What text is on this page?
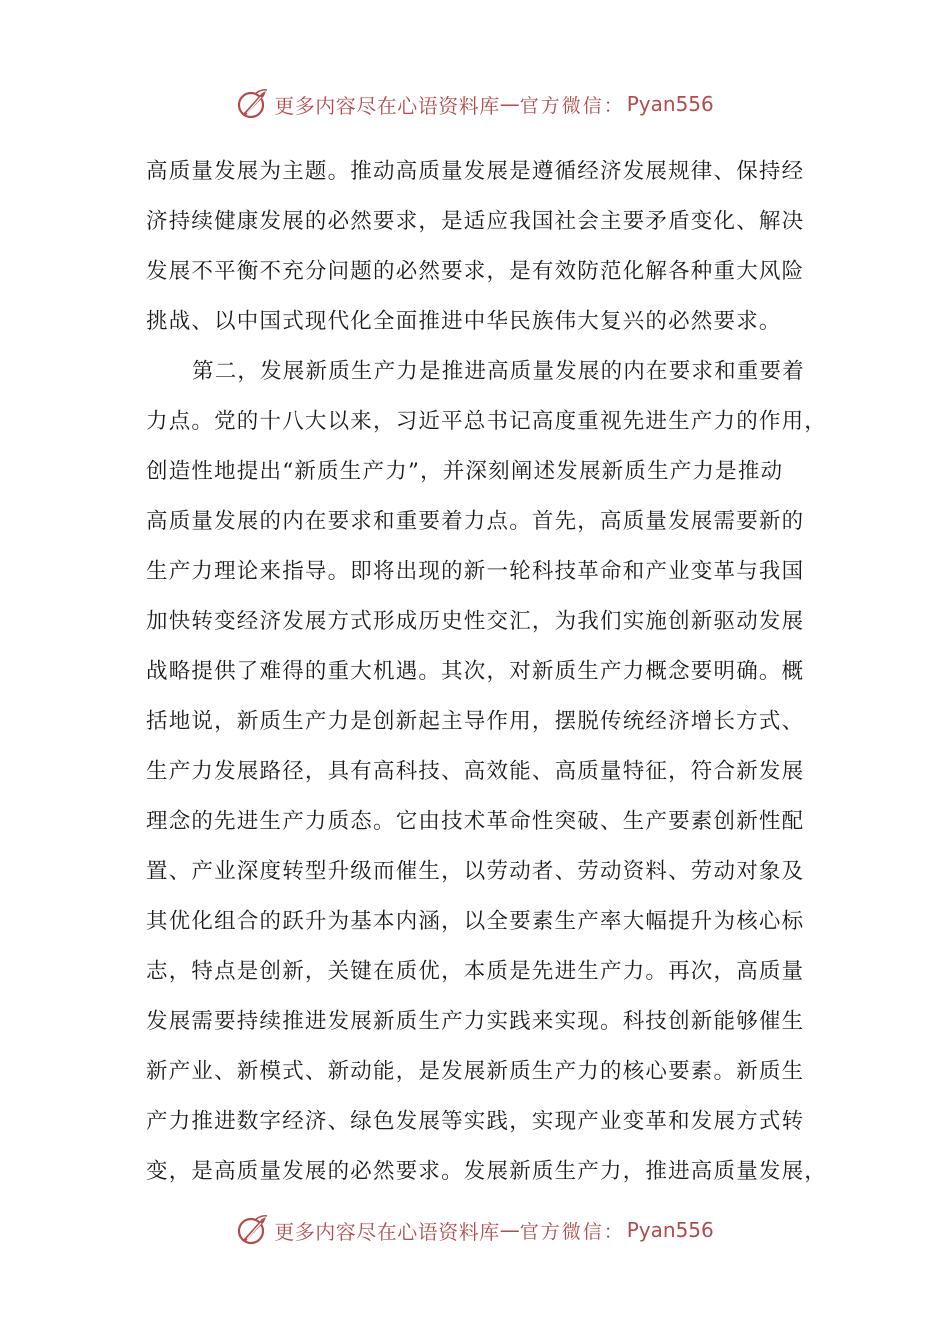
更多内容尽在心语资料库 — 官方微信： Pyan556
高质量发展为主题。推动高质量发展是遵循经济发展规律、保持经
济持续健康发展的必然要求，是适应我国社会主要矛盾变化、解决
发展不平衡不充分问题的必然要求，是有效防范化解各种重大风险
挑战、以中国式现代化全面推进中华民族伟大复兴的必然要求。
第二，发展新质生产力是推进高质量发展的内在要求和重要着
力点。党的十八大以来，习近平总书记高度重视先进生产力的作用，
创造性地提出“新质生产力”，并深刻阐述发展新质生产力是推动
高质量发展的内在要求和重要着力点。首先，高质量发展需要新的
生产力理论来指导。即将出现的新一轮科技革命和产业变革与我国
加快转变经济发展方式形成历史性交汇，为我们实施创新驱动发展
战略提供了难得的重大机遇。其次，对新质生产力概念要明确。概
括地说，新质生产力是创新起主导作用，摆脱传统经济增长方式、
生产力发展路径，具有高科技、高效能、高质量特征，符合新发展
理念的先进生产力质态。它由技术革命性突破、生产要素创新性配
置、产业深度转型升级而催生，以劳动者、劳动资料、劳动对象及
其优化组合的跃升为基本内涵，以全要素生产率大幅提升为核心标
志，特点是创新，关键在质优，本质是先进生产力。再次，高质量
发展需要持续推进发展新质生产力实践来实现。科技创新能够催生
新产业、新模式、新动能，是发展新质生产力的核心要素。新质生
产力推进数字经济、绿色发展等实践，实现产业变革和发展方式转
变，是高质量发展的必然要求。发展新质生产力，推进高质量发展，
更多内容尽在心语资料库 — 官方微信： Pyan556
